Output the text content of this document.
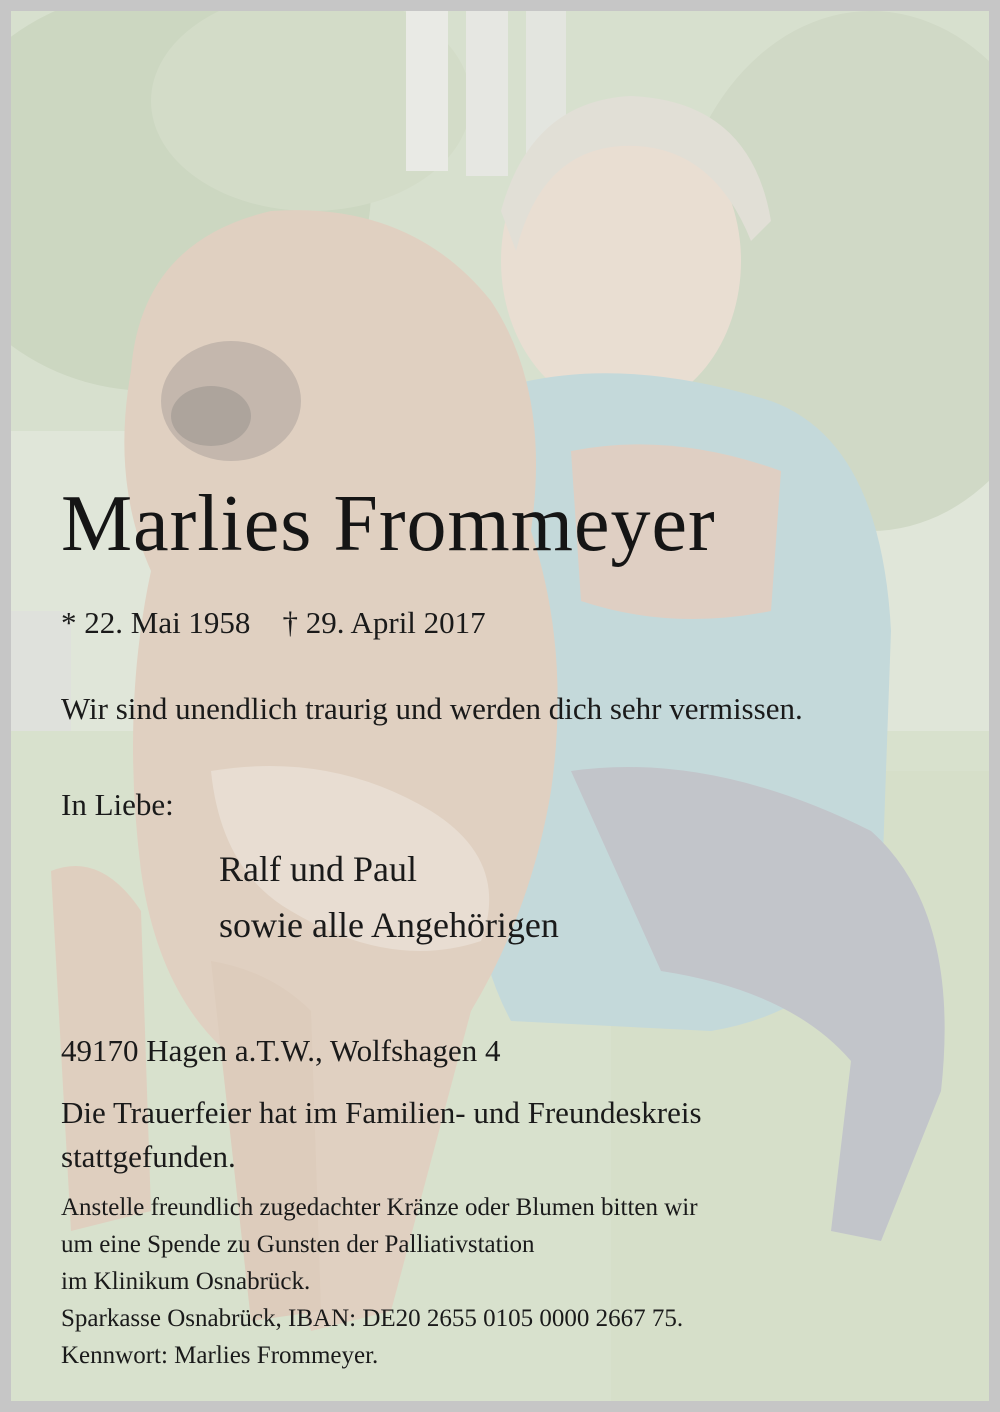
Marlies Frommeyer
* 22. Mai 1958 † 29. April 2017

Wir sind unendlich traurig und werden dich sehr vermissen.

In Liebe:

Ralf und Paul
sowie alle Angehörigen

49170 Hagen a.T.W., Wolfshagen 4

Die Trauerfeier hat im Familien- und Freundeskreis stattgefunden.

Anstelle freundlich zugedachter Kränze oder Blumen bitten wir
um eine Spende zu Gunsten der Palliativstation
im Klinikum Osnabrück.
Sparkasse Osnabrück, IBAN: DE20 2655 0105 0000 2667 75.
Kennwort: Marlies Frommeyer.
